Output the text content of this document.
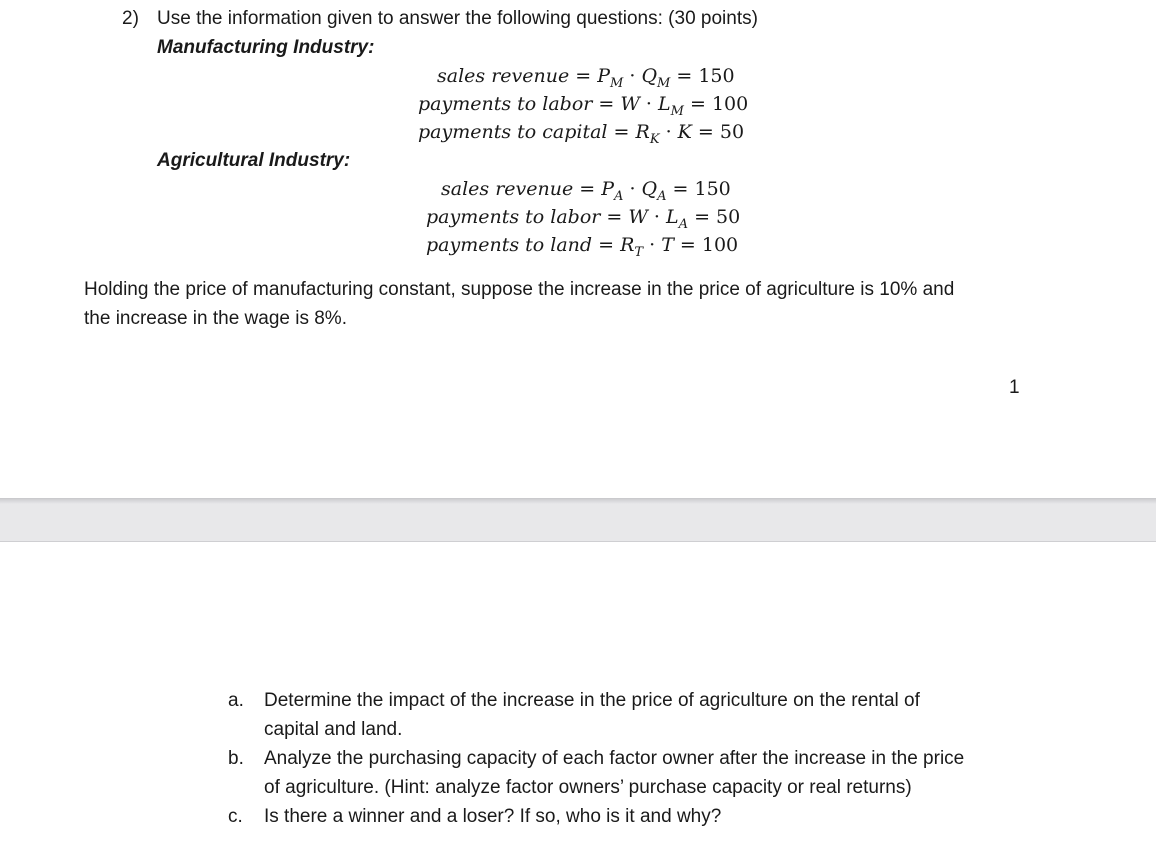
2) Use the information given to answer the following questions: (30 points)
Manufacturing Industry:
sales revenue = $P_M \cdot Q_M = 150$
payments to labor = $W \cdot L_M = 100$
payments to capital = $R_K \cdot K = 50$
Agricultural Industry:
sales revenue = $P_A \cdot Q_A = 150$
payments to labor = $W \cdot L_A = 50$
payments to land = $R_T \cdot T = 100$
Holding the price of manufacturing constant, suppose the increase in the price of agriculture is 10% and
the increase in the wage is 8%.
1
a. Determine the impact of the increase in the price of agriculture on the rental of
capital and land.
b. Analyze the purchasing capacity of each factor owner after the increase in the price
of agriculture. (Hint: analyze factor owners’ purchase capacity or real returns)
c. Is there a winner and a loser? If so, who is it and why?
